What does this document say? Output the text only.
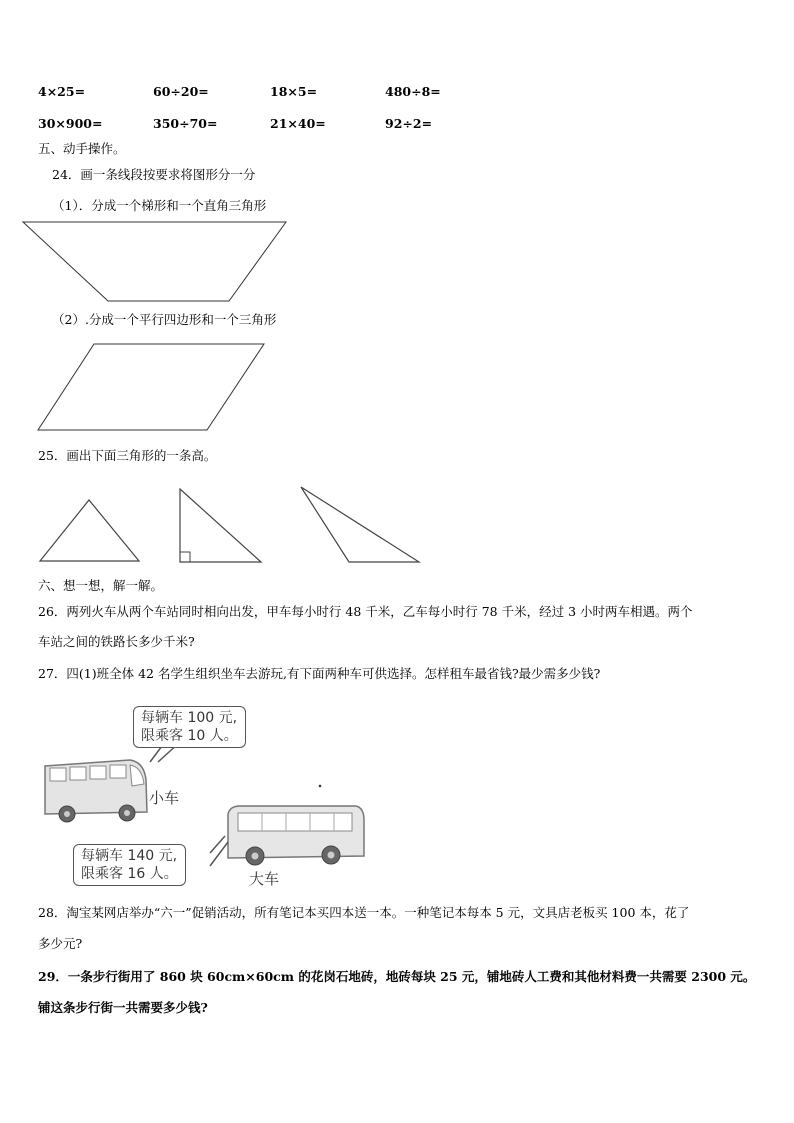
4×25=	60÷20=	18×5=	480÷8=
30×900=	350÷70=	21×40=	92÷2=
五、动手操作。
24．画一条线段按要求将图形分一分
（1）．分成一个梯形和一个直角三角形
（2）.分成一个平行四边形和一个三角形
25．画出下面三角形的一条高。
六、想一想，解一解。
26．两列火车从两个车站同时相向出发，甲车每小时行 48 千米，乙车每小时行 78 千米，经过 3 小时两车相遇。两个
车站之间的铁路长多少千米?
27．四(1)班全体 42 名学生组织坐车去游玩,有下面两种车可供选择。怎样租车最省钱?最少需多少钱?
每辆车 100 元,
限乘客 10 人。
小车
每辆车 140 元,
限乘客 16 人。	大车
28．淘宝某网店举办“六一”促销活动，所有笔记本买四本送一本。一种笔记本每本 5 元，文具店老板买 100 本，花了
多少元?
29．一条步行街用了 860 块 60cm×60cm 的花岗石地砖，地砖每块 25 元，铺地砖人工费和其他材料费一共需要 2300 元。
铺这条步行街一共需要多少钱?
